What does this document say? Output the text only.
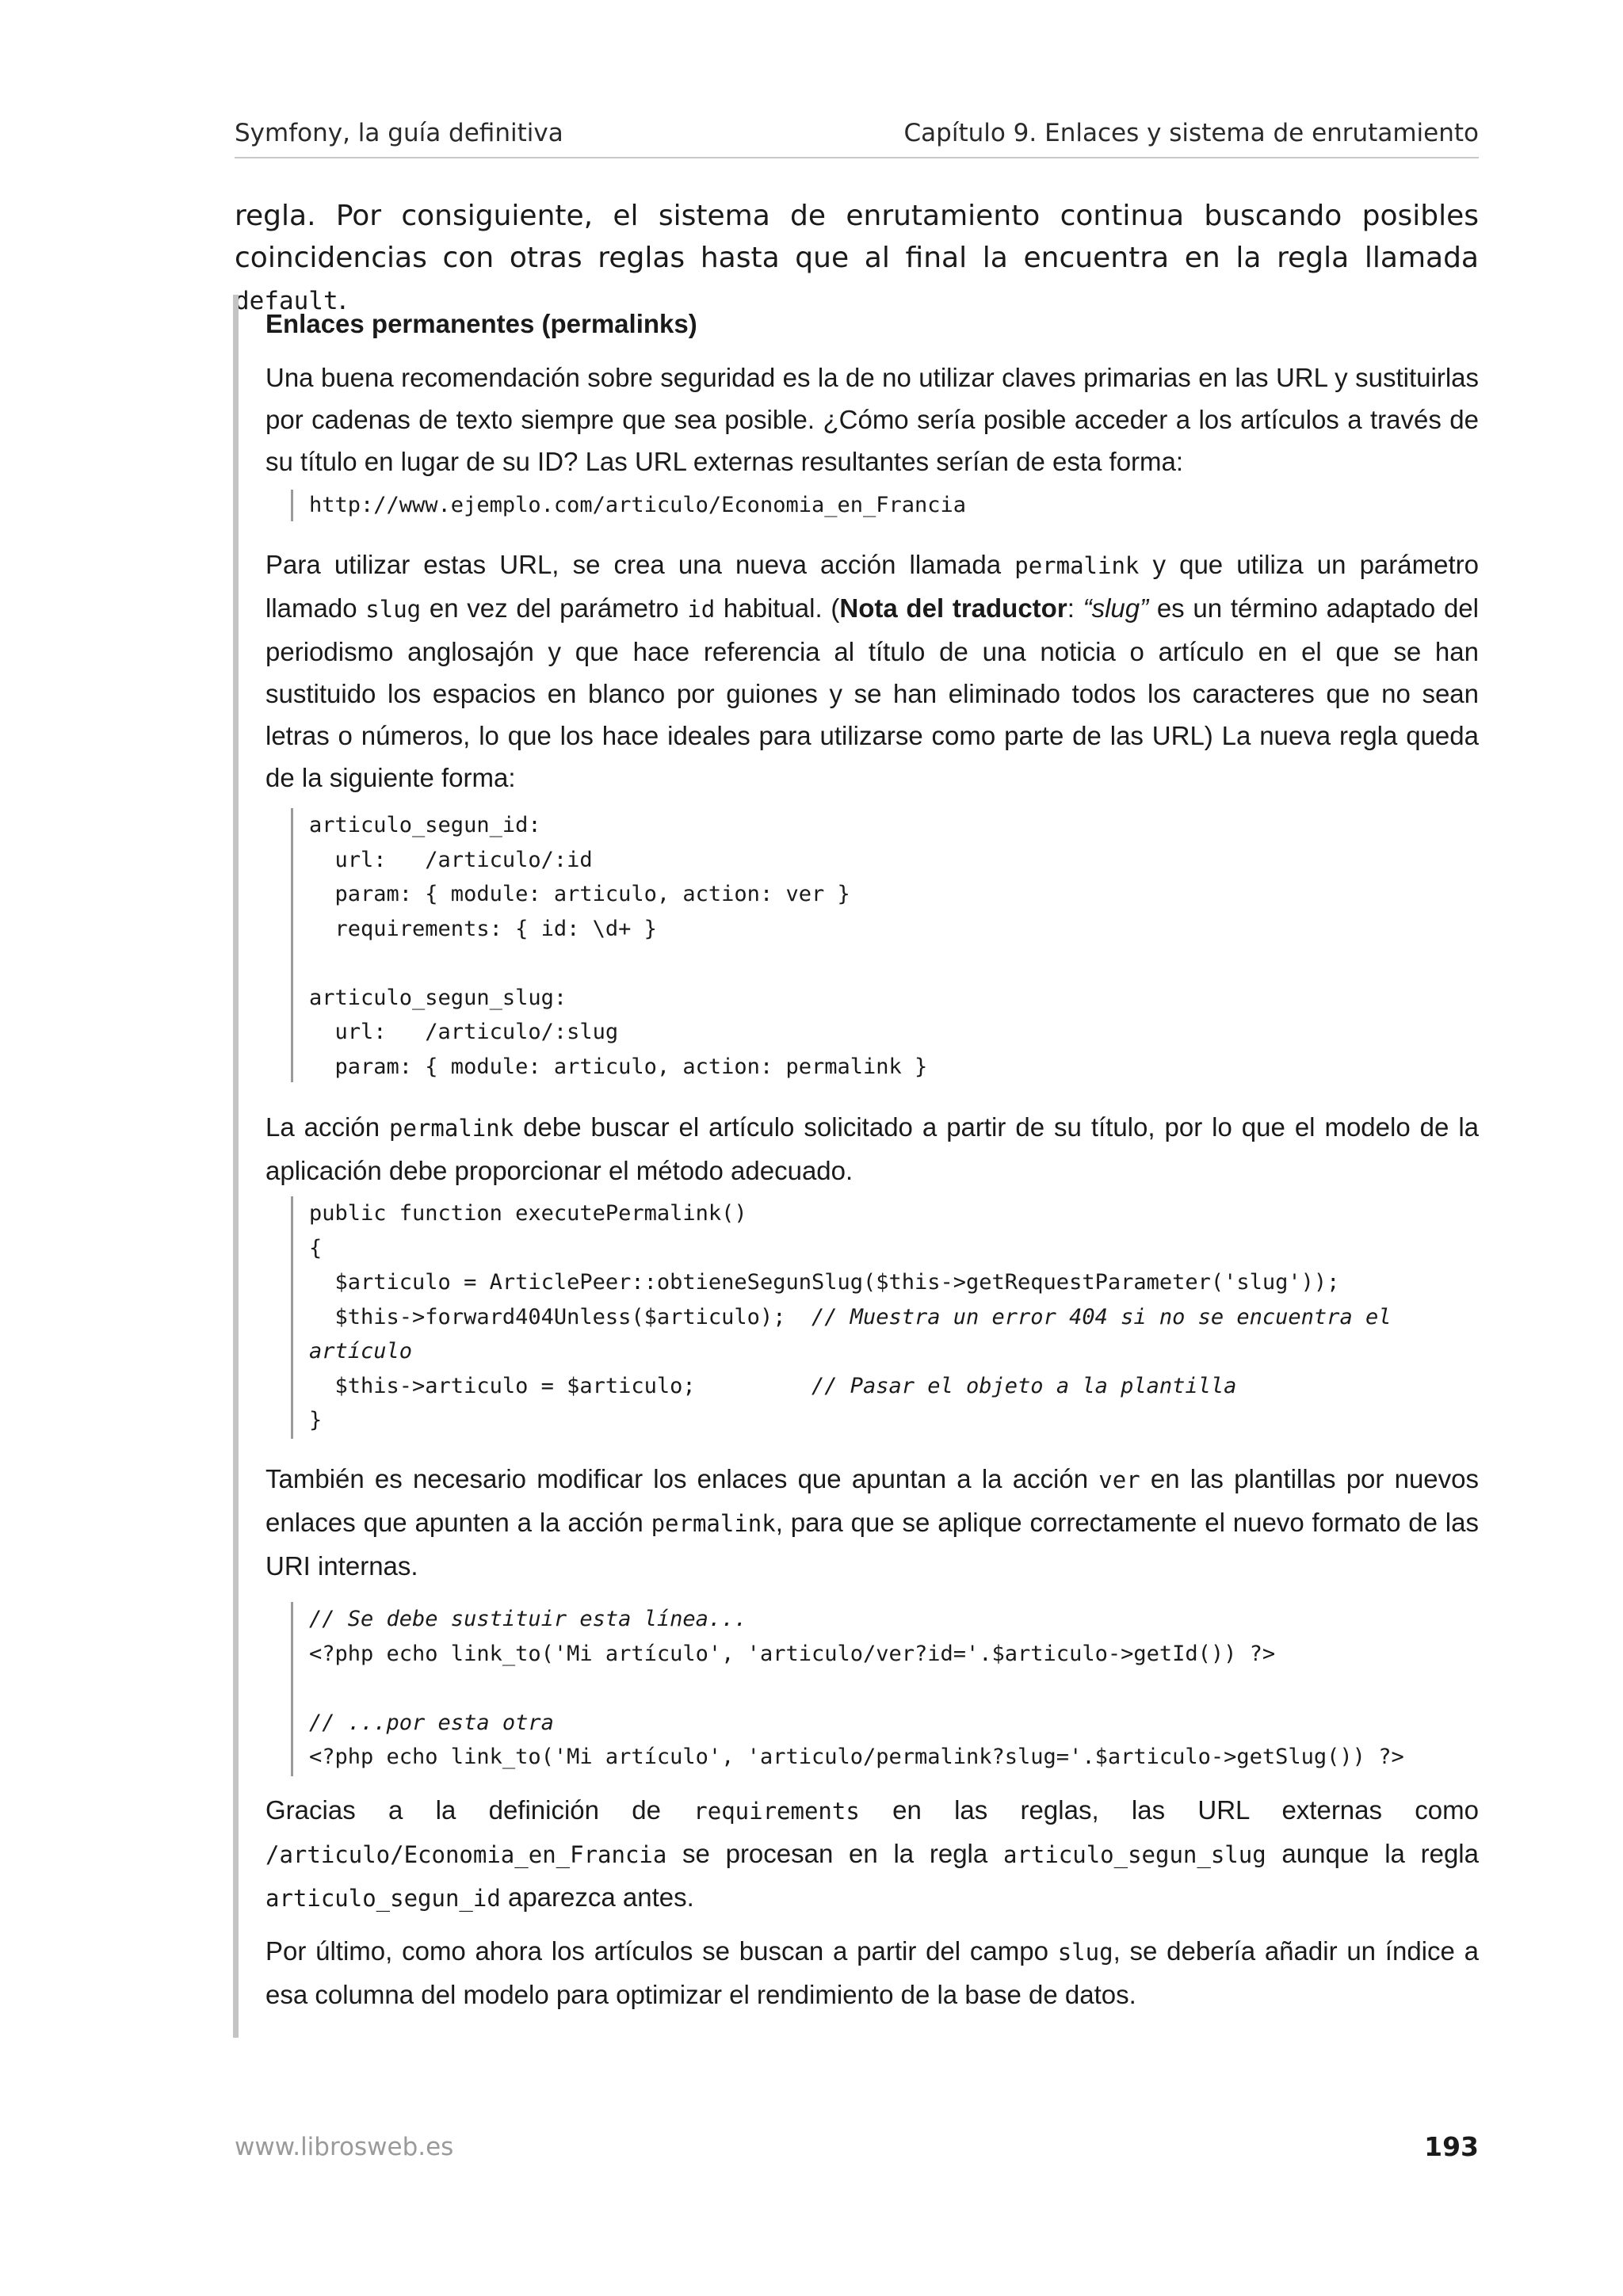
Symfony, la guía definitiva	Capítulo 9. Enlaces y sistema de enrutamiento
regla. Por consiguiente, el sistema de enrutamiento continua buscando posibles coincidencias con otras reglas hasta que al final la encuentra en la regla llamada default.
Enlaces permanentes (permalinks)
Una buena recomendación sobre seguridad es la de no utilizar claves primarias en las URL y sustituirlas por cadenas de texto siempre que sea posible. ¿Cómo sería posible acceder a los artículos a través de su título en lugar de su ID? Las URL externas resultantes serían de esta forma:
http://www.ejemplo.com/articulo/Economia_en_Francia
Para utilizar estas URL, se crea una nueva acción llamada permalink y que utiliza un parámetro llamado slug en vez del parámetro id habitual. (Nota del traductor: “slug” es un término adaptado del periodismo anglosajón y que hace referencia al título de una noticia o artículo en el que se han sustituido los espacios en blanco por guiones y se han eliminado todos los caracteres que no sean letras o números, lo que los hace ideales para utilizarse como parte de las URL) La nueva regla queda de la siguiente forma:
articulo_segun_id:
url:   /articulo/:id
param: { module: articulo, action: ver }
requirements: { id: \d+ }

articulo_segun_slug:
url:   /articulo/:slug
param: { module: articulo, action: permalink }
La acción permalink debe buscar el artículo solicitado a partir de su título, por lo que el modelo de la aplicación debe proporcionar el método adecuado.
public function executePermalink()
{
$articulo = ArticlePeer::obtieneSegunSlug($this->getRequestParameter('slug'));
$this->forward404Unless($articulo);  // Muestra un error 404 si no se encuentra el
artículo
$this->articulo = $articulo;         // Pasar el objeto a la plantilla
}
También es necesario modificar los enlaces que apuntan a la acción ver en las plantillas por nuevos enlaces que apunten a la acción permalink, para que se aplique correctamente el nuevo formato de las URI internas.
// Se debe sustituir esta línea...
<?php echo link_to('Mi artículo', 'articulo/ver?id='.$articulo->getId()) ?>
// ...por esta otra
<?php echo link_to('Mi artículo', 'articulo/permalink?slug='.$articulo->getSlug()) ?>
Gracias a la definición de requirements en las reglas, las URL externas como /articulo/Economia_en_Francia se procesan en la regla articulo_segun_slug aunque la regla articulo_segun_id aparezca antes.
Por último, como ahora los artículos se buscan a partir del campo slug, se debería añadir un índice a esa columna del modelo para optimizar el rendimiento de la base de datos.
www.librosweb.es	193
